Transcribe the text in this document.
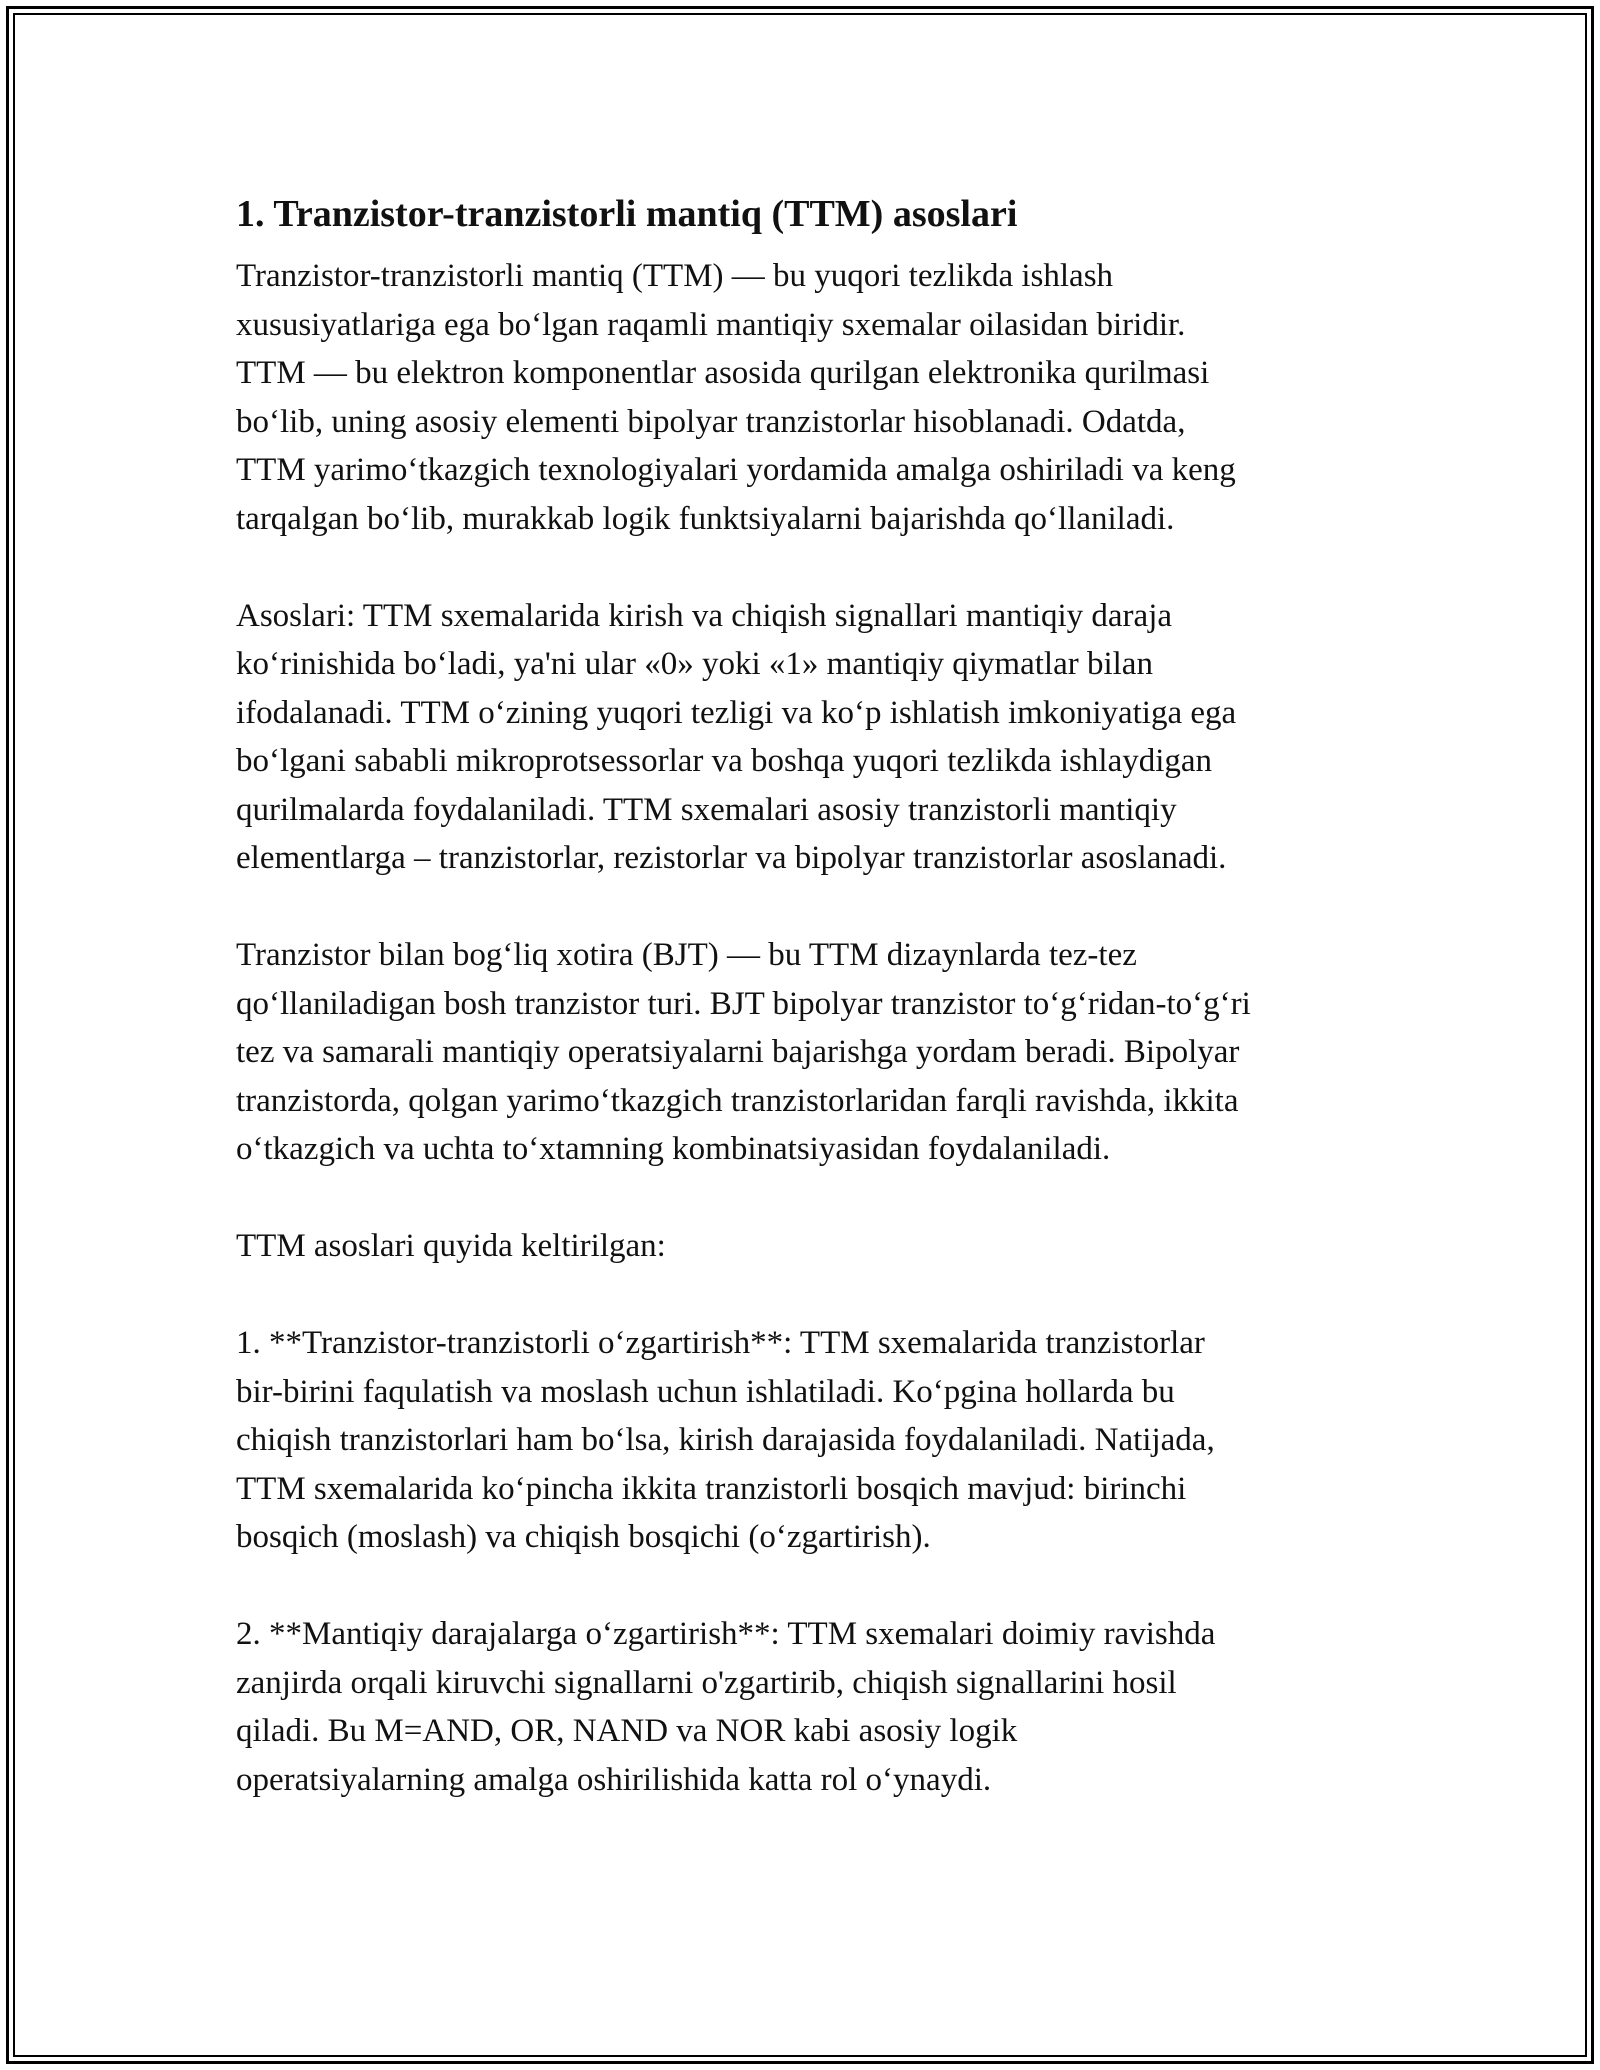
1. Tranzistor-tranzistorli mantiq (TTM) asoslari

Tranzistor-tranzistorli mantiq (TTM) — bu yuqori tezlikda ishlash
xususiyatlariga ega bo‘lgan raqamli mantiqiy sxemalar oilasidan biridir.
TTM — bu elektron komponentlar asosida qurilgan elektronika qurilmasi
bo‘lib, uning asosiy elementi bipolyar tranzistorlar hisoblanadi. Odatda,
TTM yarimo‘tkazgich texnologiyalari yordamida amalga oshiriladi va keng
tarqalgan bo‘lib, murakkab logik funktsiyalarni bajarishda qo‘llaniladi.

Asoslari: TTM sxemalarida kirish va chiqish signallari mantiqiy daraja
ko‘rinishida bo‘ladi, ya'ni ular «0» yoki «1» mantiqiy qiymatlar bilan
ifodalanadi. TTM o‘zining yuqori tezligi va ko‘p ishlatish imkoniyatiga ega
bo‘lgani sababli mikroprotsessorlar va boshqa yuqori tezlikda ishlaydigan
qurilmalarda foydalaniladi. TTM sxemalari asosiy tranzistorli mantiqiy
elementlarga – tranzistorlar, rezistorlar va bipolyar tranzistorlar asoslanadi.

Tranzistor bilan bog‘liq xotira (BJT) — bu TTM dizaynlarda tez-tez
qo‘llaniladigan bosh tranzistor turi. BJT bipolyar tranzistor to‘g‘ridan-to‘g‘ri
tez va samarali mantiqiy operatsiyalarni bajarishga yordam beradi. Bipolyar
tranzistorda, qolgan yarimo‘tkazgich tranzistorlaridan farqli ravishda, ikkita
o‘tkazgich va uchta to‘xtamning kombinatsiyasidan foydalaniladi.

TTM asoslari quyida keltirilgan:

1. **Tranzistor-tranzistorli o‘zgartirish**: TTM sxemalarida tranzistorlar
bir-birini faqulatish va moslash uchun ishlatiladi. Ko‘pgina hollarda bu
chiqish tranzistorlari ham bo‘lsa, kirish darajasida foydalaniladi. Natijada,
TTM sxemalarida ko‘pincha ikkita tranzistorli bosqich mavjud: birinchi
bosqich (moslash) va chiqish bosqichi (o‘zgartirish).

2. **Mantiqiy darajalarga o‘zgartirish**: TTM sxemalari doimiy ravishda
zanjirda orqali kiruvchi signallarni o'zgartirib, chiqish signallarini hosil
qiladi. Bu M=AND, OR, NAND va NOR kabi asosiy logik
operatsiyalarning amalga oshirilishida katta rol o‘ynaydi.
